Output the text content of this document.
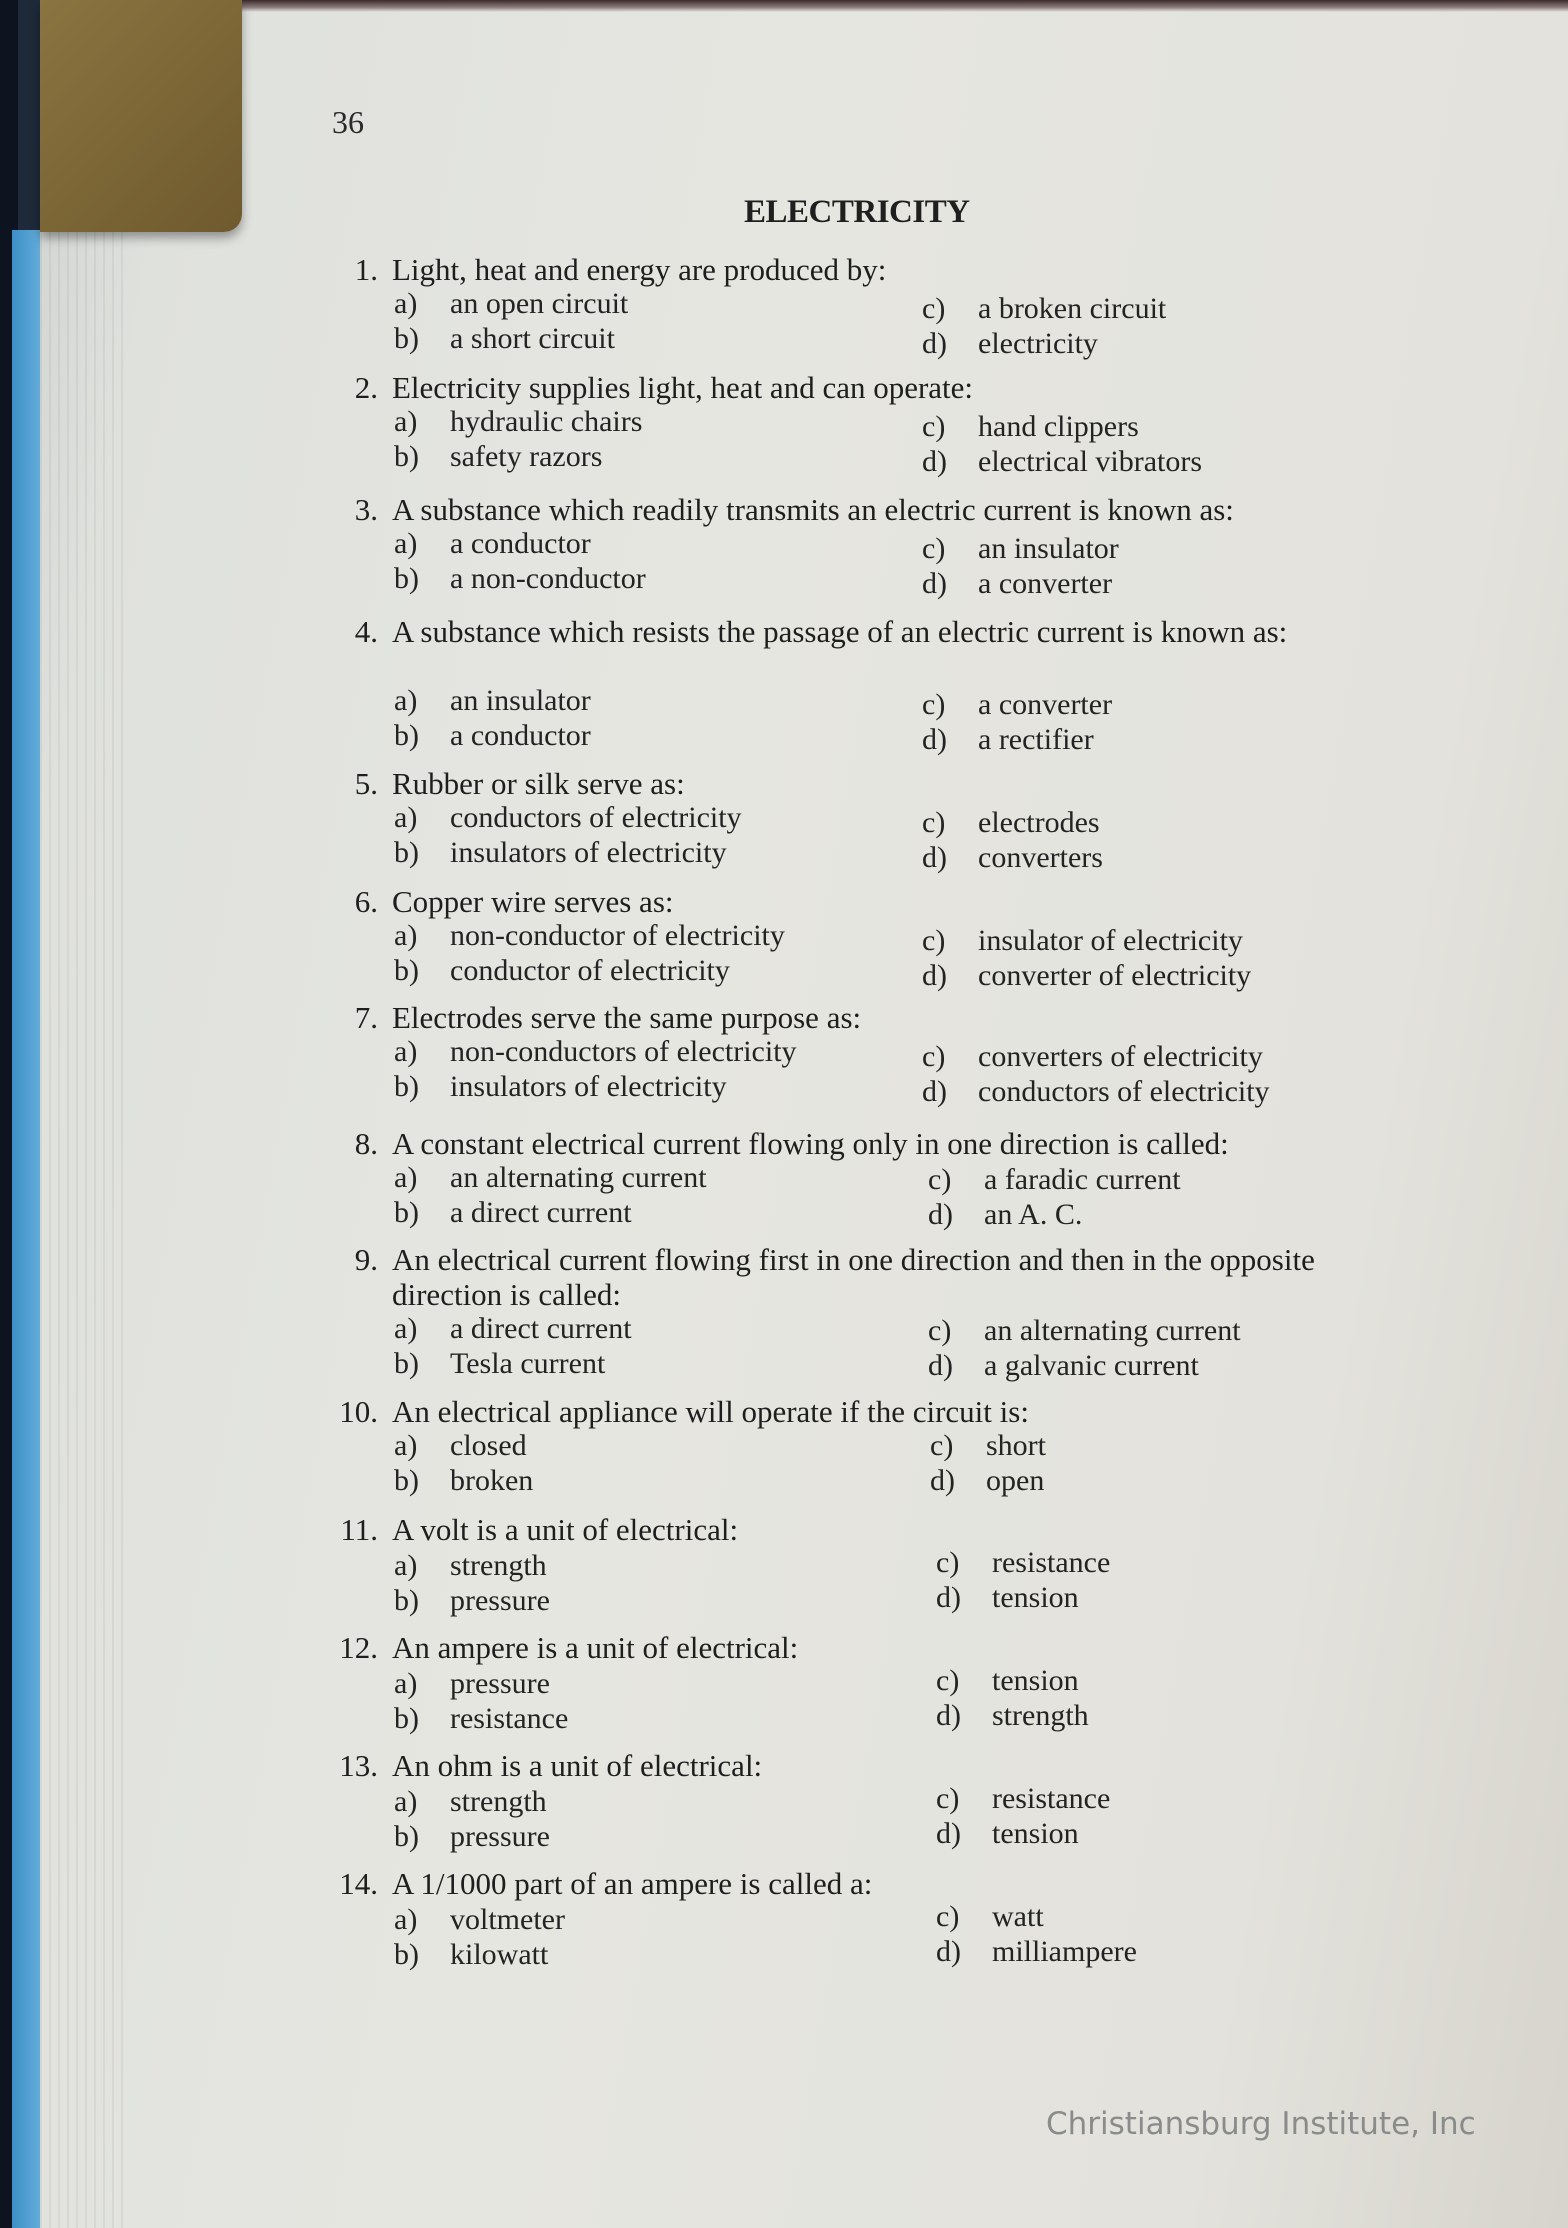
36
ELECTRICITY
1. Light, heat and energy are produced by:
a) an open circuit
b) a short circuit
c) a broken circuit
d) electricity
2. Electricity supplies light, heat and can operate:
a) hydraulic chairs
b) safety razors
c) hand clippers
d) electrical vibrators
3. A substance which readily transmits an electric current is known as:
a) a conductor
b) a non-conductor
c) an insulator
d) a converter
4. A substance which resists the passage of an electric current is known as:
a) an insulator
b) a conductor
c) a converter
d) a rectifier
5. Rubber or silk serve as:
a) conductors of electricity
b) insulators of electricity
c) electrodes
d) converters
6. Copper wire serves as:
a) non-conductor of electricity
b) conductor of electricity
c) insulator of electricity
d) converter of electricity
7. Electrodes serve the same purpose as:
a) non-conductors of electricity
b) insulators of electricity
c) converters of electricity
d) conductors of electricity
8. A constant electrical current flowing only in one direction is called:
a) an alternating current
b) a direct current
c) a faradic current
d) an A. C.
9. An electrical current flowing first in one direction and then in the opposite direction is called:
a) a direct current
b) Tesla current
c) an alternating current
d) a galvanic current
10. An electrical appliance will operate if the circuit is:
a) closed
b) broken
c) short
d) open
11. A volt is a unit of electrical:
a) strength
b) pressure
c) resistance
d) tension
12. An ampere is a unit of electrical:
a) pressure
b) resistance
c) tension
d) strength
13. An ohm is a unit of electrical:
a) strength
b) pressure
c) resistance
d) tension
14. A 1/1000 part of an ampere is called a:
a) voltmeter
b) kilowatt
c) watt
d) milliampere
Christiansburg Institute, Inc
